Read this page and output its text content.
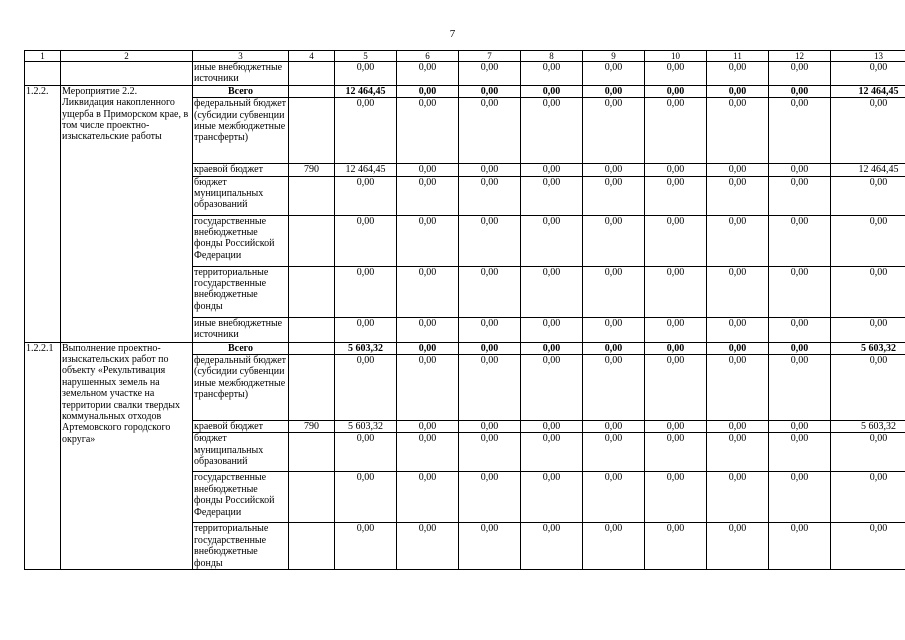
7
1	2	3	4	5	6	7	8	9	10	11	12	13
		иные внебюджетные источники		0,00	0,00	0,00	0,00	0,00	0,00	0,00	0,00	0,00
1.2.2.	Мероприятие 2.2. Ликвидация накопленного ущерба в Приморском крае, в том числе проектно-изыскательские работы	Всего		12 464,45	0,00	0,00	0,00	0,00	0,00	0,00	0,00	12 464,45
		федеральный бюджет (субсидии субвенции иные межбюджетные трансферты)		0,00	0,00	0,00	0,00	0,00	0,00	0,00	0,00	0,00
		краевой бюджет	790	12 464,45	0,00	0,00	0,00	0,00	0,00	0,00	0,00	12 464,45
		бюджет муниципальных образований		0,00	0,00	0,00	0,00	0,00	0,00	0,00	0,00	0,00
		государственные внебюджетные фонды Российской Федерации		0,00	0,00	0,00	0,00	0,00	0,00	0,00	0,00	0,00
		территориальные государственные внебюджетные фонды		0,00	0,00	0,00	0,00	0,00	0,00	0,00	0,00	0,00
		иные внебюджетные источники		0,00	0,00	0,00	0,00	0,00	0,00	0,00	0,00	0,00
1.2.2.1	Выполнение проектно-изыскательских работ по объекту «Рекультивация нарушенных земель на земельном участке на территории свалки твердых коммунальных отходов Артемовского городского округа»	Всего		5 603,32	0,00	0,00	0,00	0,00	0,00	0,00	0,00	5 603,32
		федеральный бюджет (субсидии субвенции иные межбюджетные трансферты)		0,00	0,00	0,00	0,00	0,00	0,00	0,00	0,00	0,00
		краевой бюджет	790	5 603,32	0,00	0,00	0,00	0,00	0,00	0,00	0,00	5 603,32
		бюджет муниципальных образований		0,00	0,00	0,00	0,00	0,00	0,00	0,00	0,00	0,00
		государственные внебюджетные фонды Российской Федерации		0,00	0,00	0,00	0,00	0,00	0,00	0,00	0,00	0,00
		территориальные государственные внебюджетные фонды		0,00	0,00	0,00	0,00	0,00	0,00	0,00	0,00	0,00
